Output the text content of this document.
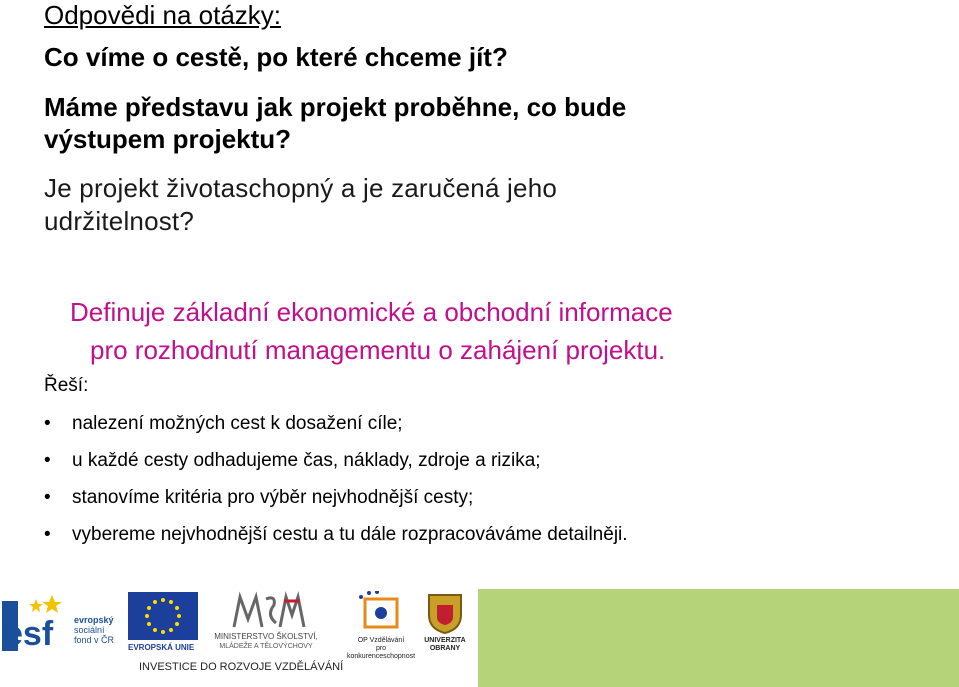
Odpovědi na otázky:
Co víme o cestě, po které chceme jít?
Máme představu jak projekt proběhne, co bude
výstupem projektu?
Je projekt životaschopný a je zaručená jeho
udržitelnost?
Definuje základní ekonomické a obchodní informace
pro rozhodnutí managementu o zahájení projektu.
Řeší:
• nalezení možných cest k dosažení cíle;
• u každé cesty odhadujeme čas, náklady, zdroje a rizika;
• stanovíme kritéria pro výběr nejvhodnější cesty;
• vybereme nejvhodnější cestu a tu dále rozpracováváme detailněji.
esf evropský
sociální
fond v ČR
EVROPSKÁ UNIE
MINISTERSTVO ŠKOLSTVÍ,
MLÁDEŽE A TĚLOVÝCHOVY
OP Vzdělávání
pro konkurenceschopnost
UNIVERZITA
OBRANY
INVESTICE DO ROZVOJE VZDĚLÁVÁNÍ
